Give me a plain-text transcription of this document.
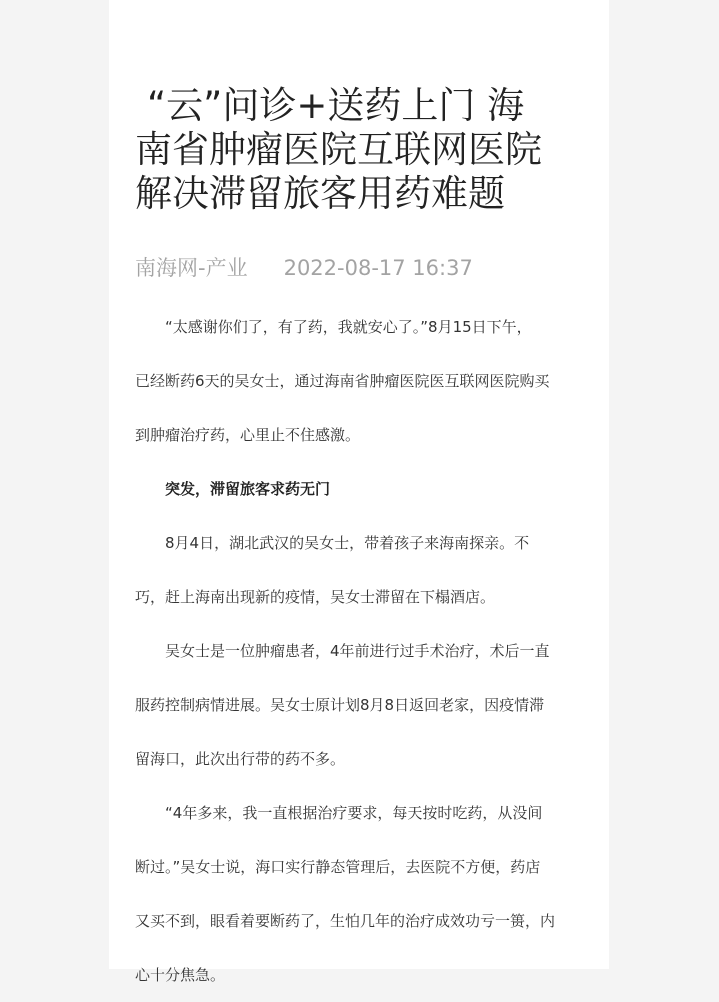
“云”问诊+送药上门 海
南省肿瘤医院互联网医院
解决滞留旅客用药难题
南海网-产业 2022-08-17 16:37

“太感谢你们了，有了药，我就安心了。”8月15日下午，
已经断药6天的吴女士，通过海南省肿瘤医院医互联网医院购买
到肿瘤治疗药，心里止不住感激。

突发，滞留旅客求药无门

8月4日，湖北武汉的吴女士，带着孩子来海南探亲。不
巧，赶上海南出现新的疫情，吴女士滞留在下榻酒店。

吴女士是一位肿瘤患者，4年前进行过手术治疗，术后一直
服药控制病情进展。吴女士原计划8月8日返回老家，因疫情滞
留海口，此次出行带的药不多。

“4年多来，我一直根据治疗要求，每天按时吃药，从没间
断过。”吴女士说，海口实行静态管理后，去医院不方便，药店
又买不到，眼看着要断药了，生怕几年的治疗成效功亏一篑，内
心十分焦急。
